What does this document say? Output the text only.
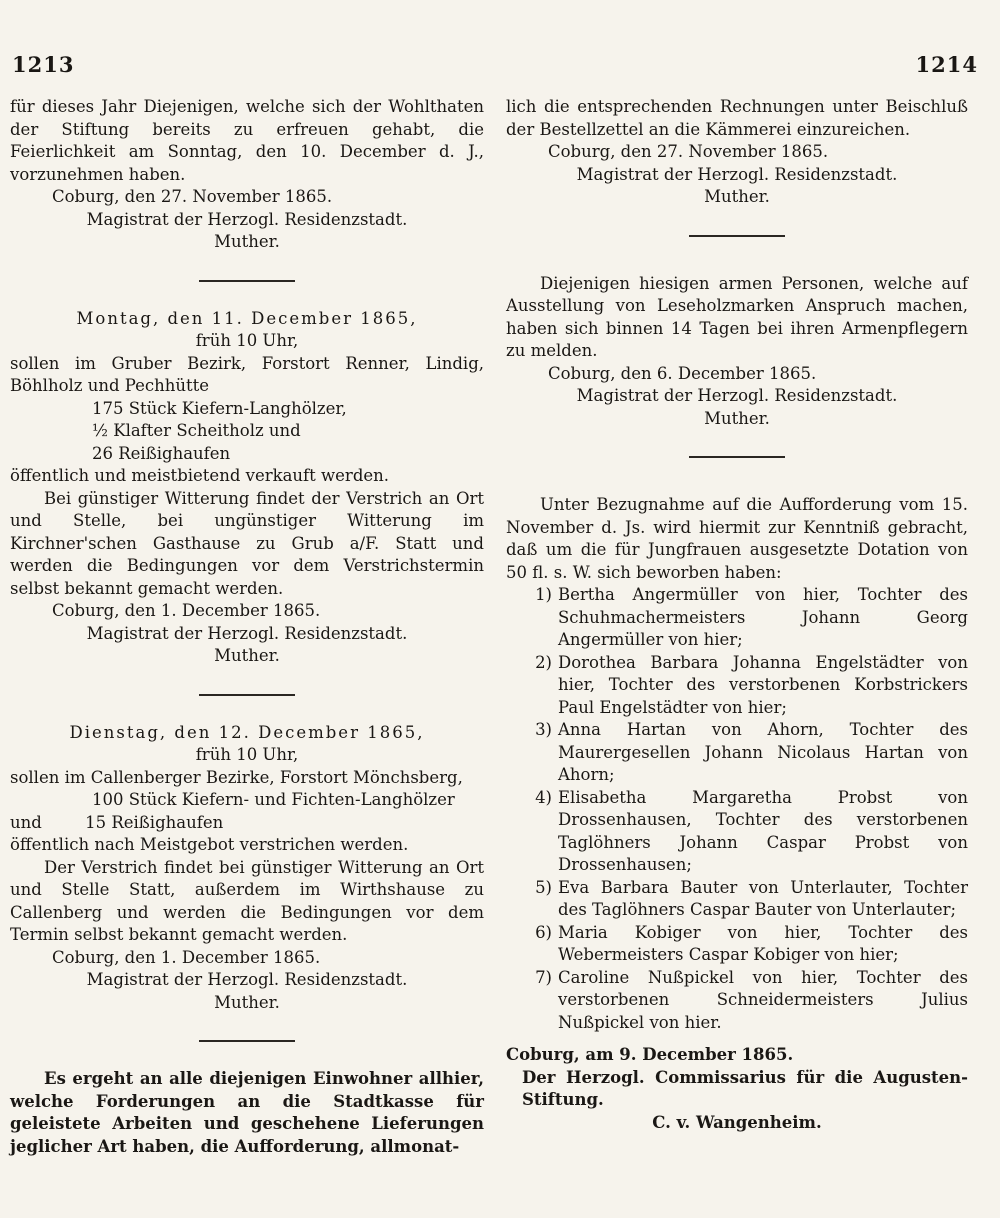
1213	1214

für dieses Jahr Diejenigen, welche sich der Wohlthaten der Stiftung bereits zu erfreuen gehabt, die Feierlichkeit am Sonntag, den 10. December d. J., vorzunehmen haben.

Coburg, den 27. November 1865.
Magistrat der Herzogl. Residenzstadt.
Muther.

Montag, den 11. December 1865,

früh 10 Uhr,

sollen im Gruber Bezirk, Forstort Renner, Lindig, Böhlholz und Pechhütte

175 Stück Kiefern-Langhölzer,
½ Klafter Scheitholz und
26 Reißighaufen

öffentlich und meistbietend verkauft werden.

Bei günstiger Witterung findet der Verstrich an Ort und Stelle, bei ungünstiger Witterung im Kirchner'schen Gasthause zu Grub a/F. Statt und werden die Bedingungen vor dem Verstrichstermin selbst bekannt gemacht werden.

Coburg, den 1. December 1865.
Magistrat der Herzogl. Residenzstadt.
Muther.

Dienstag, den 12. December 1865,

früh 10 Uhr,

sollen im Callenberger Bezirke, Forstort Mönchsberg,

100 Stück Kiefern- und Fichten-Langhölzer
und	15 Reißighaufen

öffentlich nach Meistgebot verstrichen werden.

Der Verstrich findet bei günstiger Witterung an Ort und Stelle Statt, außerdem im Wirthshause zu Callenberg und werden die Bedingungen vor dem Termin selbst bekannt gemacht werden.

Coburg, den 1. December 1865.
Magistrat der Herzogl. Residenzstadt.
Muther.

Es ergeht an alle diejenigen Einwohner allhier, welche Forderungen an die Stadtkasse für geleistete Arbeiten und geschehene Lieferungen jeglicher Art haben, die Aufforderung, allmonat-

lich die entsprechenden Rechnungen unter Beischluß der Bestellzettel an die Kämmerei einzureichen.

Coburg, den 27. November 1865.
Magistrat der Herzogl. Residenzstadt.
Muther.

Diejenigen hiesigen armen Personen, welche auf Ausstellung von Leseholzmarken Anspruch machen, haben sich binnen 14 Tagen bei ihren Armenpflegern zu melden.

Coburg, den 6. December 1865.
Magistrat der Herzogl. Residenzstadt.
Muther.

Unter Bezugnahme auf die Aufforderung vom 15. November d. Js. wird hiermit zur Kenntniß gebracht, daß um die für Jungfrauen ausgesetzte Dotation von 50 fl. s. W. sich beworben haben:

1) Bertha Angermüller von hier, Tochter des Schuhmachermeisters Johann Georg Angermüller von hier;
2) Dorothea Barbara Johanna Engelstädter von hier, Tochter des verstorbenen Korbstrickers Paul Engelstädter von hier;
3) Anna Hartan von Ahorn, Tochter des Maurergesellen Johann Nicolaus Hartan von Ahorn;
4) Elisabetha Margaretha Probst von Drossenhausen, Tochter des verstorbenen Taglöhners Johann Caspar Probst von Drossenhausen;
5) Eva Barbara Bauter von Unterlauter, Tochter des Taglöhners Caspar Bauter von Unterlauter;
6) Maria Kobiger von hier, Tochter des Webermeisters Caspar Kobiger von hier;
7) Caroline Nußpickel von hier, Tochter des verstorbenen Schneidermeisters Julius Nußpickel von hier.
Coburg, am 9. December 1865.

Der Herzogl. Commissarius für die Augusten-Stiftung.

C. v. Wangenheim.
